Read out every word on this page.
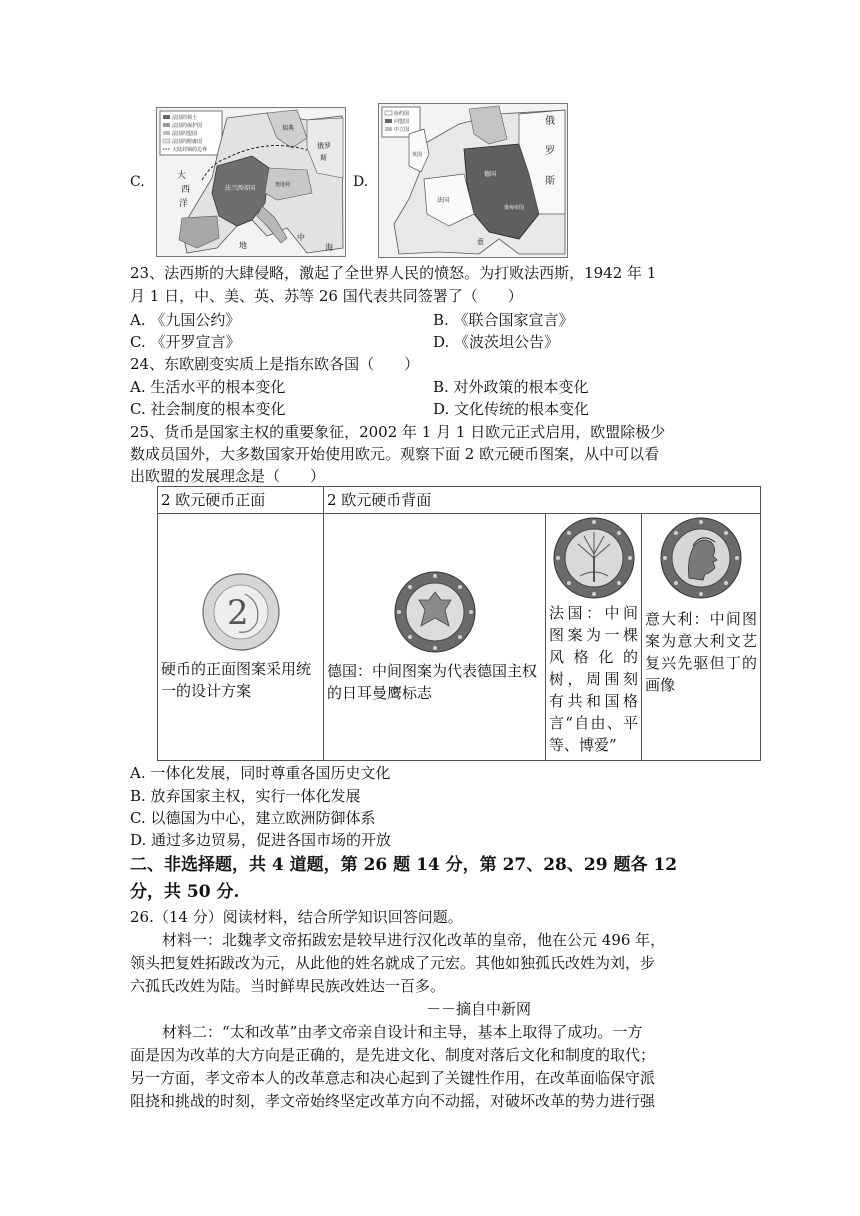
C.
法国的领土
法国的保护国
法国的盟国
法国的附庸国
大陆封锁的边界
大
西
洋
法兰西帝国
瑞典
俄罗
斯
奥地利
地
中
海
D.
协约国
同盟国
中立国
俄
罗
斯
英国
法国
德国
奥匈帝国
意
23、法西斯的大肆侵略，激起了全世界人民的愤怒。为打败法西斯，1942 年 1
月 1 日，中、美、英、苏等 26 国代表共同签署了（　　）
A. 《九国公约》	B. 《联合国家宣言》
C. 《开罗宣言》	D. 《波茨坦公告》
24、东欧剧变实质上是指东欧各国（　　）
A. 生活水平的根本变化	B. 对外政策的根本变化
C. 社会制度的根本变化	D. 文化传统的根本变化
25、货币是国家主权的重要象征，2002 年 1 月 1 日欧元正式启用，欧盟除极少
数成员国外，大多数国家开始使用欧元。观察下面 2 欧元硬币图案，从中可以看
出欧盟的发展理念是（　　）
2 欧元硬币正面	2 欧元硬币背面		

2
硬币的正面图案采用统一的设计方案	德国：中间图案为代表德国主权的日耳曼鹰标志	法国：中间图案为一棵风格化的树，周围刻有共和国格言“自由、平等、博爱”	意大利：中间图案为意大利文艺复兴先驱但丁的画像
A. 一体化发展，同时尊重各国历史文化
B. 放弃国家主权，实行一体化发展
C. 以德国为中心，建立欧洲防御体系
D. 通过多边贸易，促进各国市场的开放
二、非选择题，共 4 道题，第 26 题 14 分，第 27、28、29 题各 12
分，共 50 分.
26.（14 分）阅读材料，结合所学知识回答问题。
材料一：北魏孝文帝拓跋宏是较早进行汉化改革的皇帝，他在公元 496 年，
领头把复姓拓跋改为元，从此他的姓名就成了元宏。其他如独孤氏改姓为刘，步
六孤氏改姓为陆。当时鲜卑民族改姓达一百多。
－－摘自中新网
材料二：“太和改革”由孝文帝亲自设计和主导，基本上取得了成功。一方
面是因为改革的大方向是正确的，是先进文化、制度对落后文化和制度的取代；
另一方面，孝文帝本人的改革意志和决心起到了关键性作用，在改革面临保守派
阻挠和挑战的时刻，孝文帝始终坚定改革方向不动摇，对破坏改革的势力进行强
